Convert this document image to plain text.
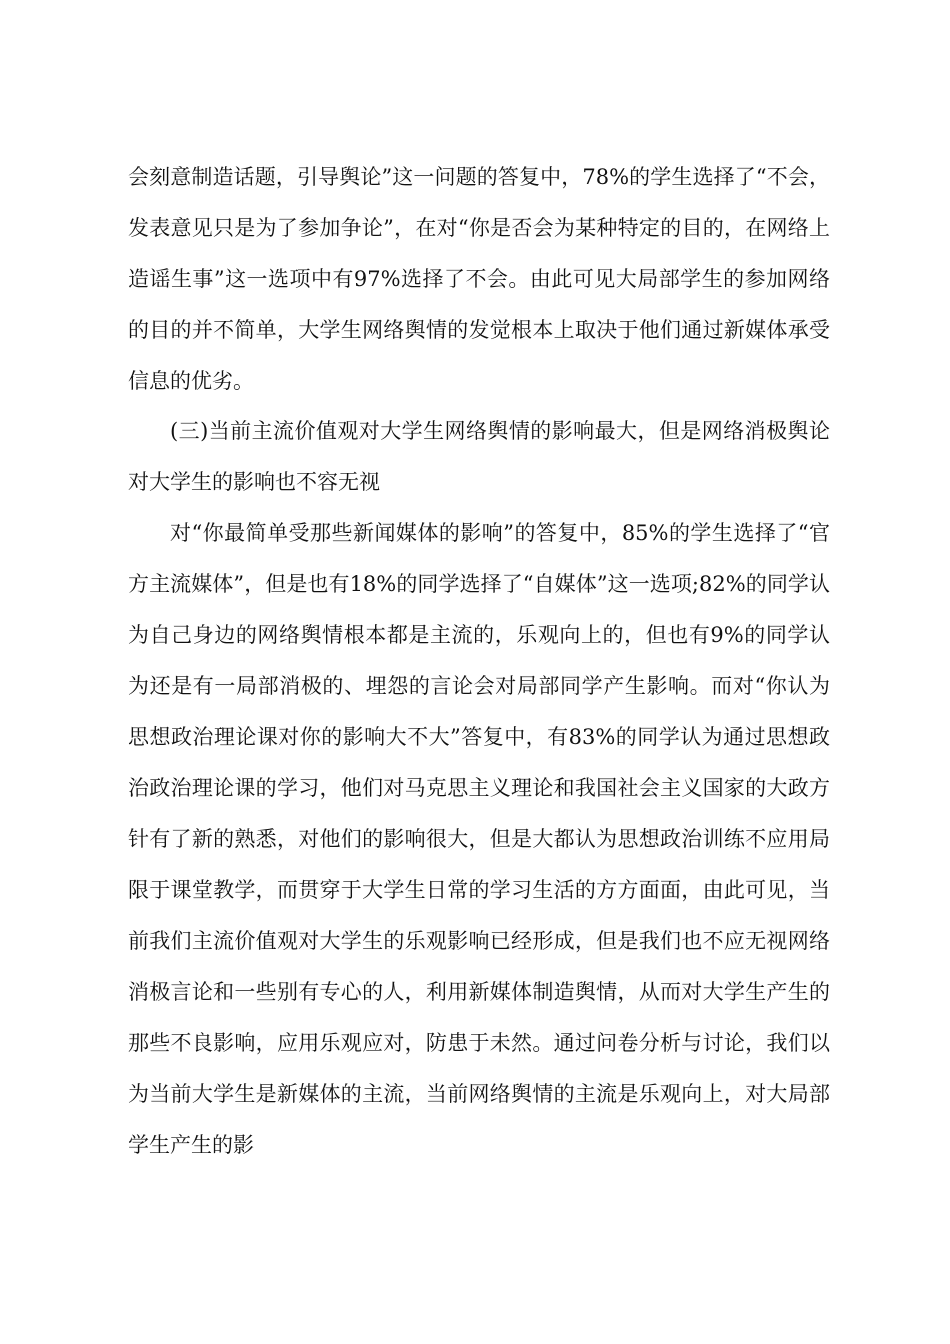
会刻意制造话题，引导舆论”这一问题的答复中，78%的学生选择了“不会，发表意见只是为了参加争论”，在对“你是否会为某种特定的目的，在网络上造谣生事”这一选项中有97%选择了不会。由此可见大局部学生的参加网络的目的并不简单，大学生网络舆情的发觉根本上取决于他们通过新媒体承受信息的优劣。

(三)当前主流价值观对大学生网络舆情的影响最大，但是网络消极舆论对大学生的影响也不容无视

对“你最简单受那些新闻媒体的影响”的答复中，85%的学生选择了“官方主流媒体”，但是也有18%的同学选择了“自媒体”这一选项;82%的同学认为自己身边的网络舆情根本都是主流的，乐观向上的，但也有9%的同学认为还是有一局部消极的、埋怨的言论会对局部同学产生影响。而对“你认为思想政治理论课对你的影响大不大”答复中，有83%的同学认为通过思想政治政治理论课的学习，他们对马克思主义理论和我国社会主义国家的大政方针有了新的熟悉，对他们的影响很大，但是大都认为思想政治训练不应用局限于课堂教学，而贯穿于大学生日常的学习生活的方方面面，由此可见，当前我们主流价值观对大学生的乐观影响已经形成，但是我们也不应无视网络消极言论和一些别有专心的人，利用新媒体制造舆情，从而对大学生产生的那些不良影响，应用乐观应对，防患于未然。通过问卷分析与讨论，我们以为当前大学生是新媒体的主流，当前网络舆情的主流是乐观向上，对大局部学生产生的影
